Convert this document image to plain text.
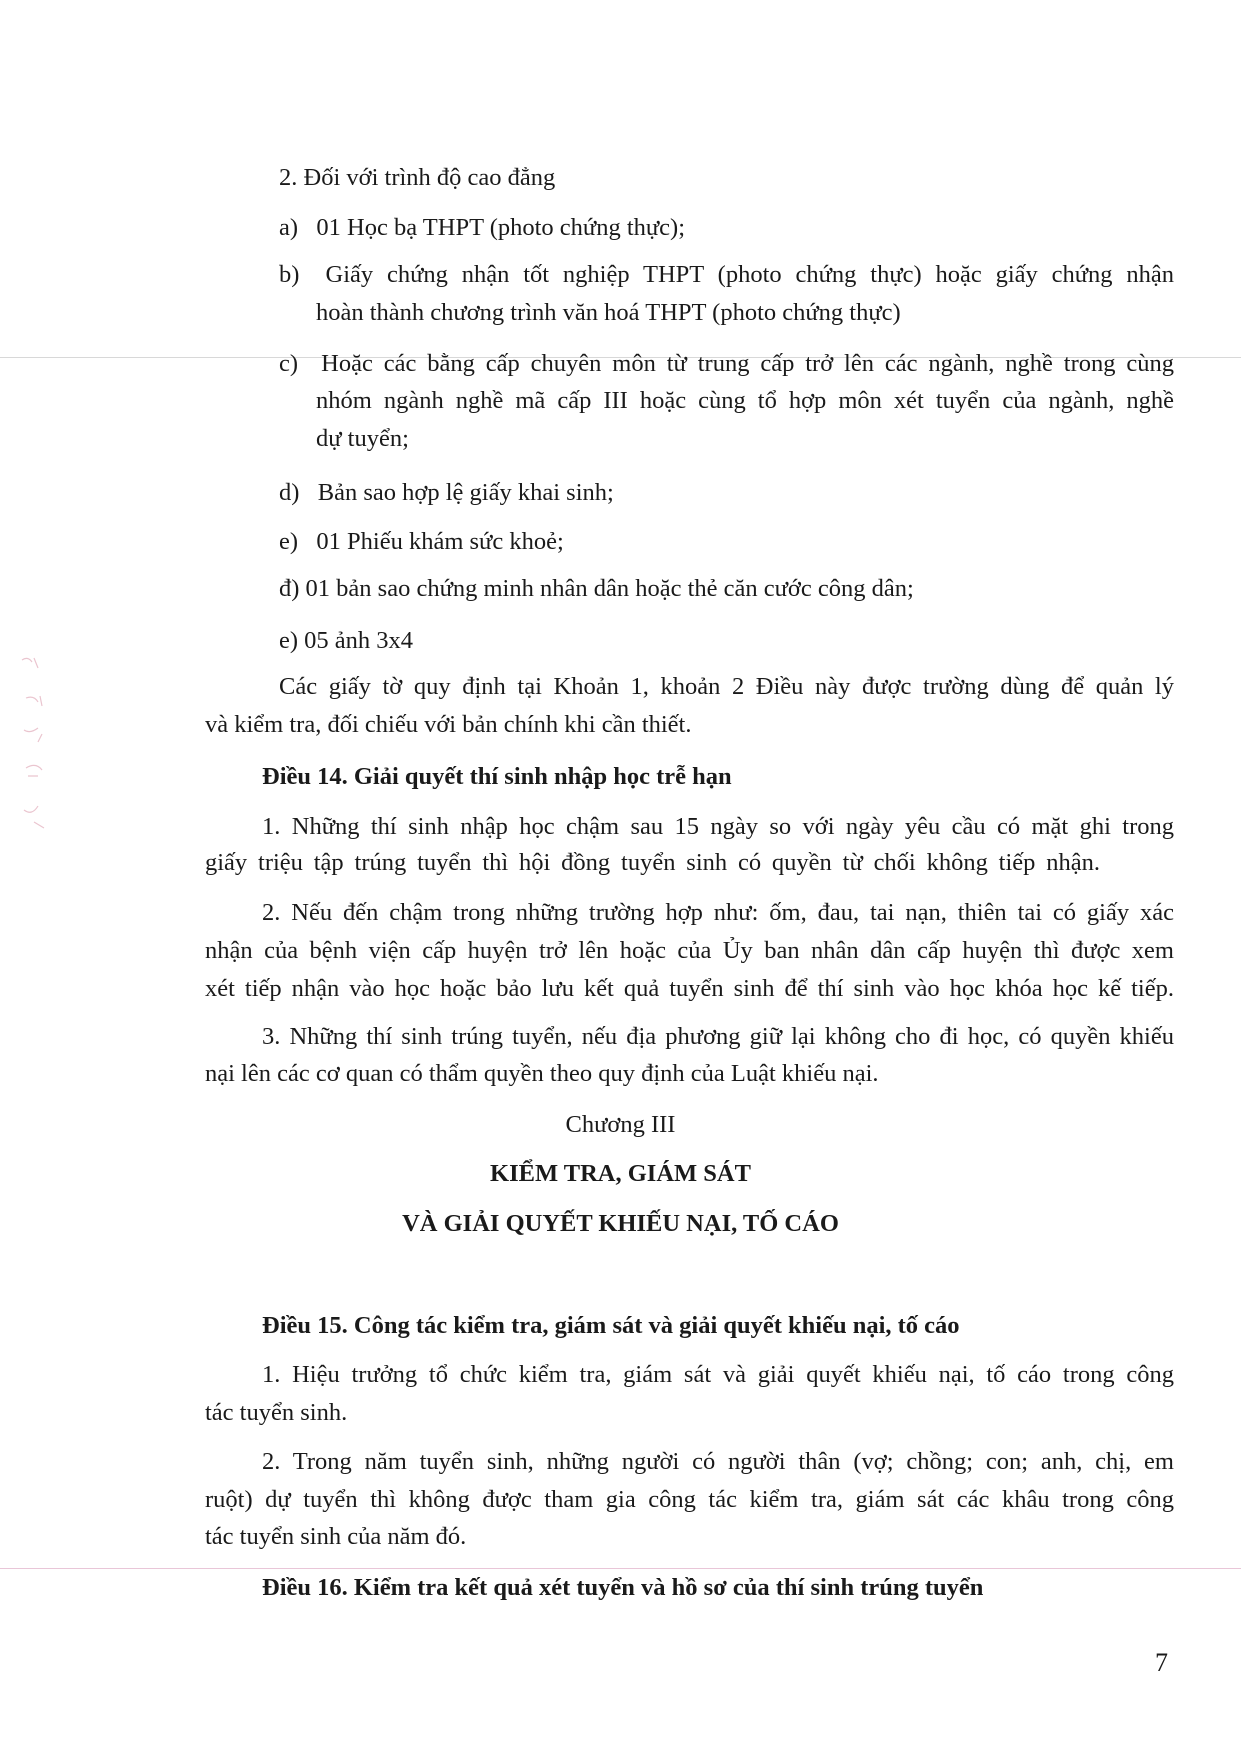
2. Đối với trình độ cao đẳng

a)  01 Học bạ THPT (photo chứng thực);

b)  Giấy chứng nhận tốt nghiệp THPT (photo chứng thực) hoặc giấy chứng nhận

hoàn thành chương trình văn hoá THPT (photo chứng thực)

c)  Hoặc các bằng cấp chuyên môn từ trung cấp trở lên các ngành, nghề trong cùng

nhóm ngành nghề mã cấp III hoặc cùng tổ hợp môn xét tuyển của ngành, nghề

dự tuyển;

d)  Bản sao hợp lệ giấy khai sinh;

e)  01 Phiếu khám sức khoẻ;

đ) 01 bản sao chứng minh nhân dân hoặc thẻ căn cước công dân;

e) 05 ảnh 3x4

Các giấy tờ quy định tại Khoản 1, khoản 2 Điều này được trường dùng để quản lý

và kiểm tra, đối chiếu với bản chính khi cần thiết.

Điều 14. Giải quyết thí sinh nhập học trễ hạn

1. Những thí sinh nhập học chậm sau 15 ngày so với ngày yêu cầu có mặt ghi trong

giấy triệu tập trúng tuyển thì hội đồng tuyển sinh có quyền từ chối không tiếp nhận.

2. Nếu đến chậm trong những trường hợp như: ốm, đau, tai nạn, thiên tai có giấy xác

nhận của bệnh viện cấp huyện trở lên hoặc của Ủy ban nhân dân cấp huyện thì được xem

xét tiếp nhận vào học hoặc bảo lưu kết quả tuyển sinh để thí sinh vào học khóa học kế tiếp.

3. Những thí sinh trúng tuyển, nếu địa phương giữ lại không cho đi học, có quyền khiếu

nại lên các cơ quan có thẩm quyền theo quy định của Luật khiếu nại.

Chương III

KIỂM TRA, GIÁM SÁT

VÀ GIẢI QUYẾT KHIẾU NẠI, TỐ CÁO

Điều 15. Công tác kiểm tra, giám sát và giải quyết khiếu nại, tố cáo

1. Hiệu trưởng tổ chức kiểm tra, giám sát và giải quyết khiếu nại, tố cáo trong công

tác tuyển sinh.

2. Trong năm tuyển sinh, những người có người thân (vợ; chồng; con; anh, chị, em

ruột) dự tuyển thì không được tham gia công tác kiểm tra, giám sát các khâu trong công

tác tuyển sinh của năm đó.

Điều 16. Kiểm tra kết quả xét tuyển và hồ sơ của thí sinh trúng tuyển

7
